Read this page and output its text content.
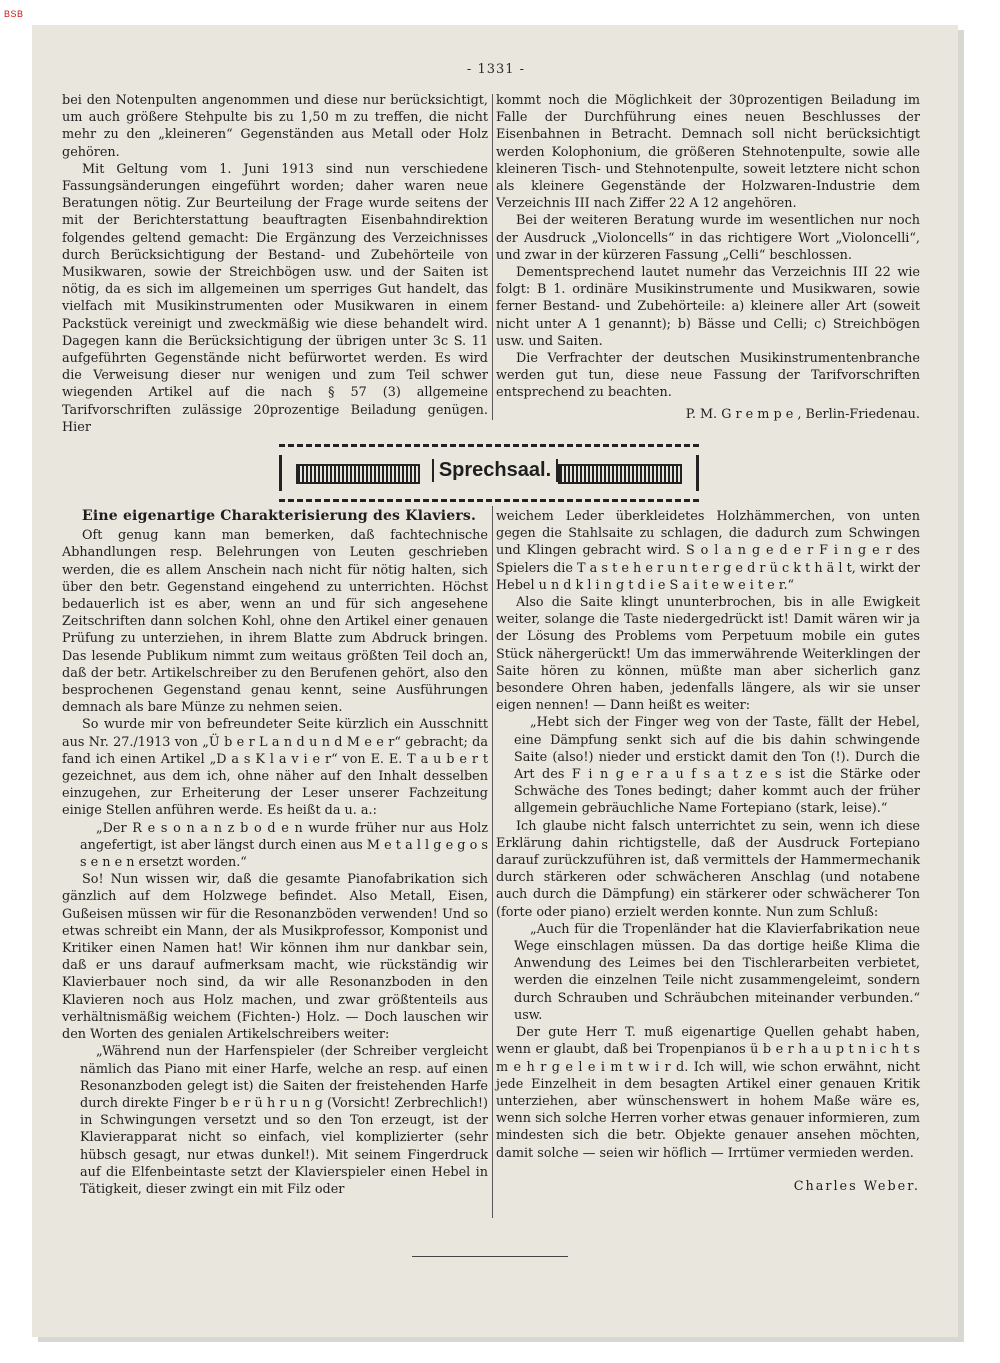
BSB
- 1331 -

bei den Notenpulten angenommen und diese nur berücksichtigt, um auch größere Stehpulte bis zu 1,50 m zu treffen, die nicht mehr zu den „kleineren“ Gegenständen aus Metall oder Holz gehören.

Mit Geltung vom 1. Juni 1913 sind nun verschiedene Fassungsänderungen eingeführt worden; daher waren neue Beratungen nötig. Zur Beurteilung der Frage wurde seitens der mit der Berichterstattung beauftragten Eisenbahndirektion folgendes geltend gemacht: Die Ergänzung des Verzeichnisses durch Berücksichtigung der Bestand- und Zubehörteile von Musikwaren, sowie der Streichbögen usw. und der Saiten ist nötig, da es sich im allgemeinen um sperriges Gut handelt, das vielfach mit Musikinstrumenten oder Musikwaren in einem Packstück vereinigt und zweckmäßig wie diese behandelt wird. Dagegen kann die Berücksichtigung der übrigen unter 3c S. 11 aufgeführten Gegenstände nicht befürwortet werden. Es wird die Verweisung dieser nur wenigen und zum Teil schwer wiegenden Artikel auf die nach § 57 (3) allgemeine Tarifvorschriften zulässige 20prozentige Beiladung genügen. Hier

kommt noch die Möglichkeit der 30prozentigen Beiladung im Falle der Durchführung eines neuen Beschlusses der Eisenbahnen in Betracht. Demnach soll nicht berücksichtigt werden Kolophonium, die größeren Stehnotenpulte, sowie alle kleineren Tisch- und Stehnotenpulte, soweit letztere nicht schon als kleinere Gegenstände der Holzwaren-Industrie dem Verzeichnis III nach Ziffer 22 A 12 angehören.

Bei der weiteren Beratung wurde im wesentlichen nur noch der Ausdruck „Violoncells“ in das richtigere Wort „Violoncelli“, und zwar in der kürzeren Fassung „Celli“ beschlossen.

Dementsprechend lautet numehr das Verzeichnis III 22 wie folgt: B 1. ordinäre Musikinstrumente und Musikwaren, sowie ferner Bestand- und Zubehörteile: a) kleinere aller Art (soweit nicht unter A 1 genannt); b) Bässe und Celli; c) Streichbögen usw. und Saiten.

Die Verfrachter der deutschen Musikinstrumentenbranche werden gut tun, diese neue Fassung der Tarifvorschriften entsprechend zu beachten.

P. M. G r e m p e , Berlin-Friedenau.

Sprechsaal.
Eine eigenartige Charakterisierung des Klaviers.

Oft genug kann man bemerken, daß fachtechnische Abhandlungen resp. Belehrungen von Leuten geschrieben werden, die es allem Anschein nach nicht für nötig halten, sich über den betr. Gegenstand eingehend zu unterrichten. Höchst bedauerlich ist es aber, wenn an und für sich angesehene Zeitschriften dann solchen Kohl, ohne den Artikel einer genauen Prüfung zu unterziehen, in ihrem Blatte zum Abdruck bringen. Das lesende Publikum nimmt zum weitaus größten Teil doch an, daß der betr. Artikelschreiber zu den Berufenen gehört, also den besprochenen Gegenstand genau kennt, seine Ausführungen demnach als bare Münze zu nehmen seien.

So wurde mir von befreundeter Seite kürzlich ein Ausschnitt aus Nr. 27./1913 von „Ü b e r L a n d u n d M e e r“ gebracht; da fand ich einen Artikel „D a s K l a v i e r“ von E. E. T a u b e r t gezeichnet, aus dem ich, ohne näher auf den Inhalt desselben einzugehen, zur Erheiterung der Leser unserer Fachzeitung einige Stellen anführen werde. Es heißt da u. a.:

„Der R e s o n a n z b o d e n wurde früher nur aus Holz angefertigt, ist aber längst durch einen aus M e t a l l g e g o s s e n e n ersetzt worden.“

So! Nun wissen wir, daß die gesamte Pianofabrikation sich gänzlich auf dem Holzwege befindet. Also Metall, Eisen, Gußeisen müssen wir für die Resonanzböden verwenden! Und so etwas schreibt ein Mann, der als Musikprofessor, Komponist und Kritiker einen Namen hat! Wir können ihm nur dankbar sein, daß er uns darauf aufmerksam macht, wie rückständig wir Klavierbauer noch sind, da wir alle Resonanzboden in den Klavieren noch aus Holz machen, und zwar größtenteils aus verhältnismäßig weichem (Fichten-) Holz. — Doch lauschen wir den Worten des genialen Artikelschreibers weiter:

„Während nun der Harfenspieler (der Schreiber vergleicht nämlich das Piano mit einer Harfe, welche an resp. auf einen Resonanzboden gelegt ist) die Saiten der freistehenden Harfe durch direkte Finger b e r ü h r u n g (Vorsicht! Zerbrechlich!) in Schwingungen versetzt und so den Ton erzeugt, ist der Klavierapparat nicht so einfach, viel komplizierter (sehr hübsch gesagt, nur etwas dunkel!). Mit seinem Fingerdruck auf die Elfenbeintaste setzt der Klavierspieler einen Hebel in Tätigkeit, dieser zwingt ein mit Filz oder

weichem Leder überkleidetes Holzhämmerchen, von unten gegen die Stahlsaite zu schlagen, die dadurch zum Schwingen und Klingen gebracht wird. S o l a n g e d e r F i n g e r des Spielers die T a s t e h e r u n t e r g e d r ü c k t h ä l t, wirkt der Hebel u n d k l i n g t d i e S a i t e w e i t e r.“

Also die Saite klingt ununterbrochen, bis in alle Ewigkeit weiter, solange die Taste niedergedrückt ist! Damit wären wir ja der Lösung des Problems vom Perpetuum mobile ein gutes Stück nähergerückt! Um das immerwährende Weiterklingen der Saite hören zu können, müßte man aber sicherlich ganz besondere Ohren haben, jedenfalls längere, als wir sie unser eigen nennen! — Dann heißt es weiter:

„Hebt sich der Finger weg von der Taste, fällt der Hebel, eine Dämpfung senkt sich auf die bis dahin schwingende Saite (also!) nieder und erstickt damit den Ton (!). Durch die Art des F i n g e r a u f s a t z e s ist die Stärke oder Schwäche des Tones bedingt; daher kommt auch der früher allgemein gebräuchliche Name Fortepiano (stark, leise).“

Ich glaube nicht falsch unterrichtet zu sein, wenn ich diese Erklärung dahin richtigstelle, daß der Ausdruck Fortepiano darauf zurückzuführen ist, daß vermittels der Hammermechanik durch stärkeren oder schwächeren Anschlag (und notabene auch durch die Dämpfung) ein stärkerer oder schwächerer Ton (forte oder piano) erzielt werden konnte. Nun zum Schluß:

„Auch für die Tropenländer hat die Klavierfabrikation neue Wege einschlagen müssen. Da das dortige heiße Klima die Anwendung des Leimes bei den Tischlerarbeiten verbietet, werden die einzelnen Teile nicht zusammengeleimt, sondern durch Schrauben und Schräubchen miteinander verbunden.“ usw.

Der gute Herr T. muß eigenartige Quellen gehabt haben, wenn er glaubt, daß bei Tropenpianos ü b e r h a u p t n i c h t s m e h r g e l e i m t w i r d. Ich will, wie schon erwähnt, nicht jede Einzelheit in dem besagten Artikel einer genauen Kritik unterziehen, aber wünschenswert in hohem Maße wäre es, wenn sich solche Herren vorher etwas genauer informieren, zum mindesten sich die betr. Objekte genauer ansehen möchten, damit solche — seien wir höflich — Irrtümer vermieden werden.

Charles Weber.
